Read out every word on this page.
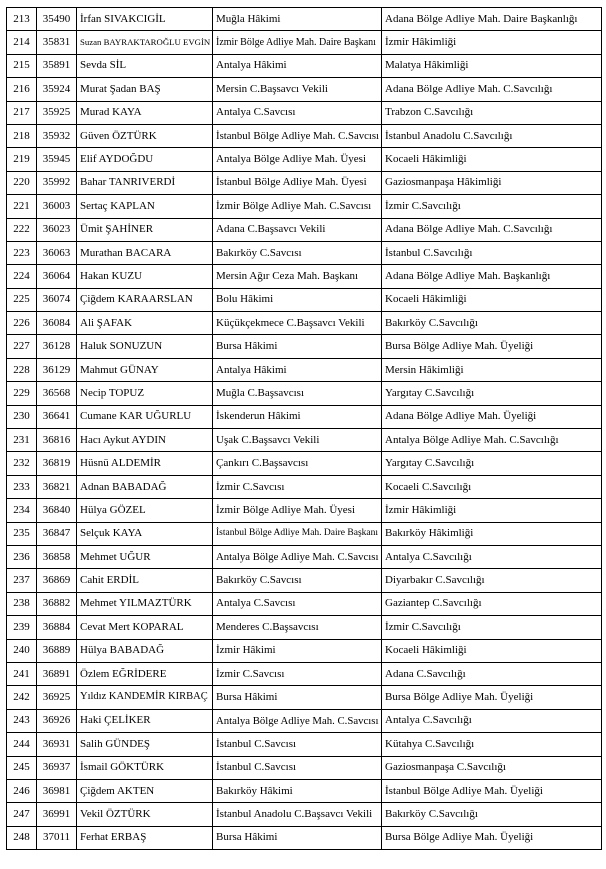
213	35490	İrfan SIVAKCIGİL	Muğla Hâkimi	Adana Bölge Adliye Mah. Daire Başkanlığı
214	35831	Suzan BAYRAKTAROĞLU EVGİN	İzmir Bölge Adliye Mah. Daire Başkanı	İzmir Hâkimliği
215	35891	Sevda SİL	Antalya Hâkimi	Malatya Hâkimliği
216	35924	Murat Şadan BAŞ	Mersin C.Başsavcı Vekili	Adana Bölge Adliye Mah. C.Savcılığı
217	35925	Murad KAYA	Antalya C.Savcısı	Trabzon C.Savcılığı
218	35932	Güven ÖZTÜRK	İstanbul Bölge Adliye Mah. C.Savcısı	İstanbul Anadolu C.Savcılığı
219	35945	Elif AYDOĞDU	Antalya Bölge Adliye Mah. Üyesi	Kocaeli Hâkimliği
220	35992	Bahar TANRIVERDİ	İstanbul Bölge Adliye Mah. Üyesi	Gaziosmanpaşa Hâkimliği
221	36003	Sertaç KAPLAN	İzmir Bölge Adliye Mah. C.Savcısı	İzmir C.Savcılığı
222	36023	Ümit ŞAHİNER	Adana C.Başsavcı Vekili	Adana Bölge Adliye Mah. C.Savcılığı
223	36063	Murathan BACARA	Bakırköy C.Savcısı	İstanbul C.Savcılığı
224	36064	Hakan KUZU	Mersin Ağır Ceza Mah. Başkanı	Adana Bölge Adliye Mah. Başkanlığı
225	36074	Çiğdem KARAARSLAN	Bolu Hâkimi	Kocaeli Hâkimliği
226	36084	Ali ŞAFAK	Küçükçekmece C.Başsavcı Vekili	Bakırköy C.Savcılığı
227	36128	Haluk SONUZUN	Bursa Hâkimi	Bursa Bölge Adliye Mah. Üyeliği
228	36129	Mahmut GÜNAY	Antalya Hâkimi	Mersin Hâkimliği
229	36568	Necip TOPUZ	Muğla C.Başsavcısı	Yargıtay C.Savcılığı
230	36641	Cumane KAR UĞURLU	İskenderun Hâkimi	Adana Bölge Adliye Mah. Üyeliği
231	36816	Hacı Aykut AYDIN	Uşak C.Başsavcı Vekili	Antalya Bölge Adliye Mah. C.Savcılığı
232	36819	Hüsnü ALDEMİR	Çankırı C.Başsavcısı	Yargıtay C.Savcılığı
233	36821	Adnan BABADAĞ	İzmir C.Savcısı	Kocaeli C.Savcılığı
234	36840	Hülya GÖZEL	İzmir Bölge Adliye Mah. Üyesi	İzmir Hâkimliği
235	36847	Selçuk KAYA	İstanbul Bölge Adliye Mah. Daire Başkanı	Bakırköy Hâkimliği
236	36858	Mehmet UĞUR	Antalya Bölge Adliye Mah. C.Savcısı	Antalya C.Savcılığı
237	36869	Cahit ERDİL	Bakırköy C.Savcısı	Diyarbakır C.Savcılığı
238	36882	Mehmet YILMAZTÜRK	Antalya C.Savcısı	Gaziantep C.Savcılığı
239	36884	Cevat Mert KOPARAL	Menderes C.Başsavcısı	İzmir C.Savcılığı
240	36889	Hülya BABADAĞ	İzmir Hâkimi	Kocaeli Hâkimliği
241	36891	Özlem EĞRİDERE	İzmir C.Savcısı	Adana C.Savcılığı
242	36925	Yıldız KANDEMİR KIRBAÇ	Bursa Hâkimi	Bursa Bölge Adliye Mah. Üyeliği
243	36926	Haki ÇELİKER	Antalya Bölge Adliye Mah. C.Savcısı	Antalya C.Savcılığı
244	36931	Salih GÜNDEŞ	İstanbul C.Savcısı	Kütahya C.Savcılığı
245	36937	İsmail GÖKTÜRK	İstanbul C.Savcısı	Gaziosmanpaşa C.Savcılığı
246	36981	Çiğdem AKTEN	Bakırköy Hâkimi	İstanbul Bölge Adliye Mah. Üyeliği
247	36991	Vekil ÖZTÜRK	İstanbul Anadolu C.Başsavcı Vekili	Bakırköy C.Savcılığı
248	37011	Ferhat ERBAŞ	Bursa Hâkimi	Bursa Bölge Adliye Mah. Üyeliği
